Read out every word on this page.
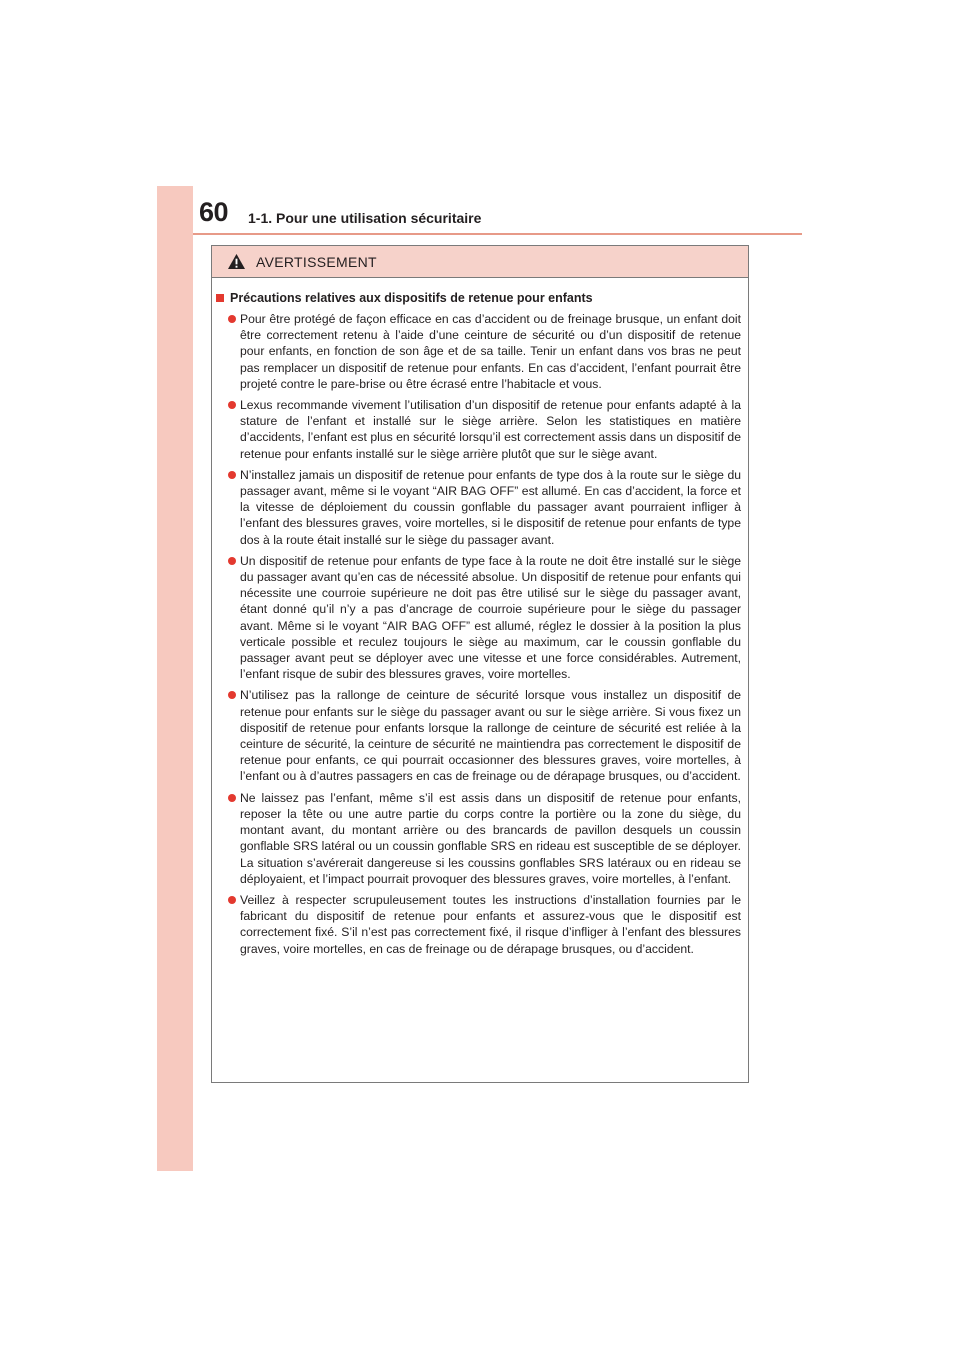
60 1-1. Pour une utilisation sécuritaire
AVERTISSEMENT
Précautions relatives aux dispositifs de retenue pour enfants
Pour être protégé de façon efficace en cas d’accident ou de freinage brusque, un enfant doit être correctement retenu à l’aide d’une ceinture de sécurité ou d’un dispositif de retenue pour enfants, en fonction de son âge et de sa taille. Tenir un enfant dans vos bras ne peut pas remplacer un dispositif de retenue pour enfants. En cas d’accident, l’enfant pourrait être projeté contre le pare-brise ou être écrasé entre l’habitacle et vous.
Lexus recommande vivement l’utilisation d’un dispositif de retenue pour enfants adapté à la stature de l’enfant et installé sur le siège arrière. Selon les statistiques en matière d’accidents, l’enfant est plus en sécurité lorsqu’il est correctement assis dans un dispositif de retenue pour enfants installé sur le siège arrière plutôt que sur le siège avant.
N’installez jamais un dispositif de retenue pour enfants de type dos à la route sur le siège du passager avant, même si le voyant “AIR BAG OFF” est allumé. En cas d’accident, la force et la vitesse de déploiement du coussin gonflable du passager avant pourraient infliger à l’enfant des blessures graves, voire mortelles, si le dispositif de retenue pour enfants de type dos à la route était installé sur le siège du passager avant.
Un dispositif de retenue pour enfants de type face à la route ne doit être installé sur le siège du passager avant qu’en cas de nécessité absolue. Un dispositif de retenue pour enfants qui nécessite une courroie supérieure ne doit pas être utilisé sur le siège du passager avant, étant donné qu’il n’y a pas d’ancrage de courroie supérieure pour le siège du passager avant. Même si le voyant “AIR BAG OFF” est allumé, réglez le dossier à la position la plus verticale possible et reculez toujours le siège au maximum, car le coussin gonflable du passager avant peut se déployer avec une vitesse et une force considérables. Autrement, l’enfant risque de subir des blessures graves, voire mortelles.
N’utilisez pas la rallonge de ceinture de sécurité lorsque vous installez un dispositif de retenue pour enfants sur le siège du passager avant ou sur le siège arrière. Si vous fixez un dispositif de retenue pour enfants lorsque la rallonge de ceinture de sécurité est reliée à la ceinture de sécurité, la ceinture de sécurité ne maintiendra pas correctement le dispositif de retenue pour enfants, ce qui pourrait occasionner des blessures graves, voire mortelles, à l’enfant ou à d’autres passagers en cas de freinage ou de dérapage brusques, ou d’accident.
Ne laissez pas l’enfant, même s’il est assis dans un dispositif de retenue pour enfants, reposer la tête ou une autre partie du corps contre la portière ou la zone du siège, du montant avant, du montant arrière ou des brancards de pavillon desquels un coussin gonflable SRS latéral ou un coussin gonflable SRS en rideau est susceptible de se déployer. La situation s’avérerait dangereuse si les coussins gonflables SRS latéraux ou en rideau se déployaient, et l’impact pourrait provoquer des blessures graves, voire mortelles, à l’enfant.
Veillez à respecter scrupuleusement toutes les instructions d’installation fournies par le fabricant du dispositif de retenue pour enfants et assurez-vous que le dispositif est correctement fixé. S’il n’est pas correctement fixé, il risque d’infliger à l’enfant des blessures graves, voire mortelles, en cas de freinage ou de dérapage brusques, ou d’accident.
